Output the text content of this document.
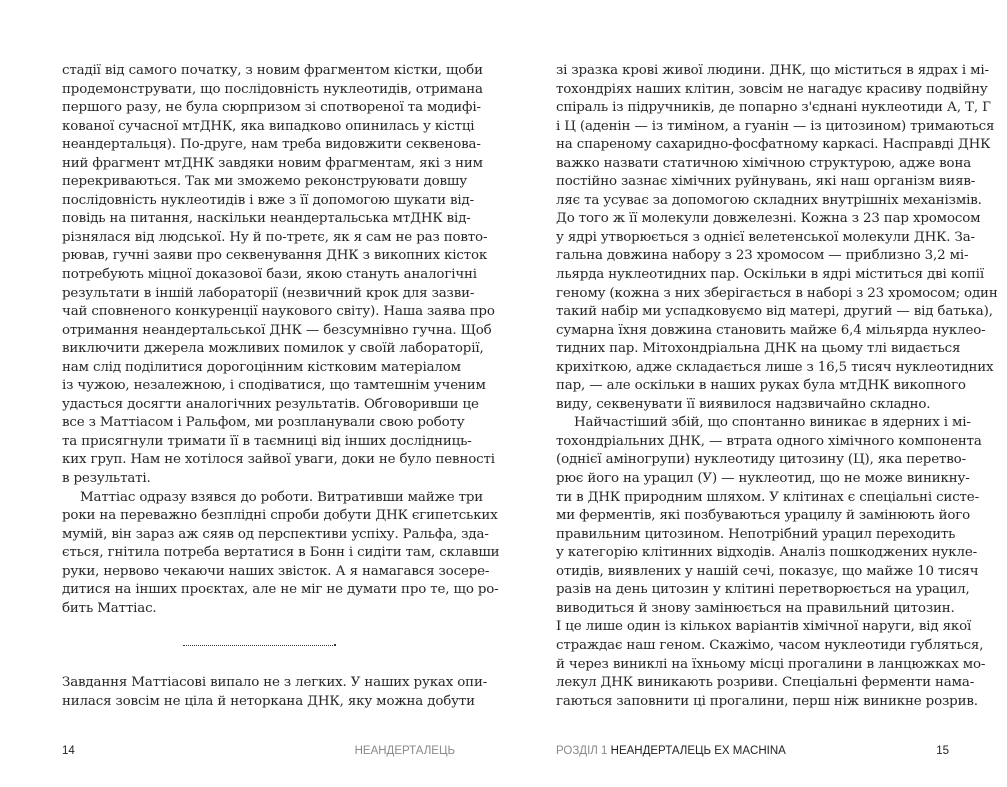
стадії від самого початку, з новим фрагментом кістки, щоби
продемонструвати, що послідовність нуклеотидів, отримана
першого разу, не була сюрпризом зі спотвореної та модифі-
кованої сучасної мтДНК, яка випадково опинилась у кістці
неандертальця). По-друге, нам треба видовжити секвенова-
ний фрагмент мтДНК завдяки новим фрагментам, які з ним
перекриваються. Так ми зможемо реконструювати довшу
послідовність нуклеотидів і вже з її допомогою шукати від-
повідь на питання, наскільки неандертальська мтДНК від-
різнялася від людської. Ну й по-третє, як я сам не раз повто-
рював, гучні заяви про секвенування ДНК з викопних кісток
потребують міцної доказової бази, якою стануть аналогічні
результати в іншій лабораторії (незвичний крок для зазви-
чай сповненого конкуренції наукового світу). Наша заява про
отримання неандертальської ДНК — безсумнівно гучна. Щоб
виключити джерела можливих помилок у своїй лабораторії,
нам слід поділитися дорогоцінним кістковим матеріалом
із чужою, незалежною, і сподіватися, що тамтешнім ученим
удасться досягти аналогічних результатів. Обговоривши це
все з Маттіасом і Ральфом, ми розпланували свою роботу
та присягнули тримати її в таємниці від інших дослідниць-
ких груп. Нам не хотілося зайвої уваги, доки не було певності
в результаті.
Маттіас одразу взявся до роботи. Витративши майже три
роки на переважно безплідні спроби добути ДНК єгипетських
мумій, він зараз аж сяяв од перспективи успіху. Ральфа, зда-
ється, гнітила потреба вертатися в Бонн і сидіти там, склавши
руки, нервово чекаючи наших звісток. А я намагався зосере-
дитися на інших проєктах, але не міг не думати про те, що ро-
бить Маттіас.
Завдання Маттіасові випало не з легких. У наших руках опи-
нилася зовсім не ціла й неторкана ДНК, яку можна добути
зі зразка крові живої людини. ДНК, що міститься в ядрах і мі-
тохондріях наших клітин, зовсім не нагадує красиву подвійну
спіраль із підручників, де попарно з'єднані нуклеотиди А, Т, Г
і Ц (аденін — із тиміном, а гуанін — із цитозином) тримаються
на спареному сахаридно-фосфатному каркасі. Насправді ДНК
важко назвати статичною хімічною структурою, адже вона
постійно зазнає хімічних руйнувань, які наш організм вияв-
ляє та усуває за допомогою складних внутрішніх механізмів.
До того ж її молекули довжелезні. Кожна з 23 пар хромосом
у ядрі утворюється з однієї велетенської молекули ДНК. За-
гальна довжина набору з 23 хромосом — приблизно 3,2 мі-
льярда нуклеотидних пар. Оскільки в ядрі міститься дві копії
геному (кожна з них зберігається в наборі з 23 хромосом; один
такий набір ми успадковуємо від матері, другий — від батька),
сумарна їхня довжина становить майже 6,4 мільярда нуклео-
тидних пар. Мітохондріальна ДНК на цьому тлі видається
крихіткою, адже складається лише з 16,5 тисяч нуклеотидних
пар, — але оскільки в наших руках була мтДНК викопного
виду, секвенувати її виявилося надзвичайно складно.
Найчастіший збій, що спонтанно виникає в ядерних і мі-
тохондріальних ДНК, — втрата одного хімічного компонента
(однієї аміногрупи) нуклеотиду цитозину (Ц), яка перетво-
рює його на урацил (У) — нуклеотид, що не може виникну-
ти в ДНК природним шляхом. У клітинах є спеціальні систе-
ми ферментів, які позбуваються урацилу й замінюють його
правильним цитозином. Непотрібний урацил переходить
у категорію клітинних відходів. Аналіз пошкоджених нукле-
отидів, виявлених у нашій сечі, показує, що майже 10 тисяч
разів на день цитозин у клітині перетворюється на урацил,
виводиться й знову замінюється на правильний цитозин.
І це лише один із кількох варіантів хімічної наруги, від якої
страждає наш геном. Скажімо, часом нуклеотиди губляться,
й через виниклі на їхньому місці прогалини в ланцюжках мо-
лекул ДНК виникають розриви. Спеціальні ферменти нама-
гаються заповнити ці прогалини, перш ніж виникне розрив.
14	НЕАНДЕРТАЛЕЦЬ	РОЗДІЛ 1 НЕАНДЕРТАЛЕЦЬ EX MACHINA	15
